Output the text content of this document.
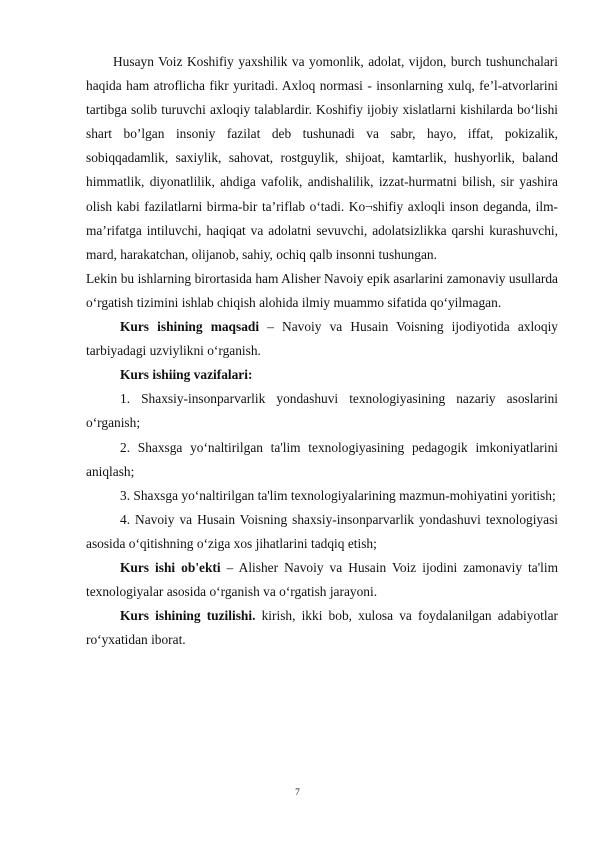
Husayn Voiz Koshifiy yaxshilik va yomonlik, adolat, vijdon, burch tushunchalari haqida ham atroflicha fikr yuritadi. Axloq normasi - insonlarning xulq, fe’l-atvorlarini tartibga solib turuvchi axloqiy talablardir. Koshifiy ijobiy xislatlarni kishilarda bo‘lishi shart bo’lgan insoniy fazilat deb tushunadi va sabr, hayo, iffat, pokizalik, sobiqqadamlik, saxiylik, sahovat, rostguylik, shijoat, kamtarlik, hushyorlik, baland himmatlik, diyonatlilik, ahdiga vafolik, andishalilik, izzat-hurmatni bilish, sir yashira olish kabi fazilatlarni birma-bir ta’riflab o‘tadi. Ko¬shifiy axloqli inson deganda, ilm-ma’rifatga intiluvchi, haqiqat va adolatni sevuvchi, adolatsizlikka qarshi kurashuvchi, mard, harakatchan, olijanob, sahiy, ochiq qalb insonni tushungan.

Lekin bu ishlarning birortasida ham Alisher Navoiy epik asarlarini zamonaviy usullarda o‘rgatish tizimini ishlab chiqish alohida ilmiy muammo sifatida qo‘yilmagan.

Kurs ishining maqsadi – Navoiy va Husain Voisning ijodiyotida axloqiy tarbiyadagi uzviylikni o‘rganish.

Kurs ishiing vazifalari:

1. Shaxsiy-insonparvarlik yondashuvi texnologiyasining nazariy asoslarini o‘rganish;

2. Shaxsga yo‘naltirilgan ta'lim texnologiyasining pedagogik imkoniyatlarini aniqlash;

3. Shaxsga yo‘naltirilgan ta'lim texnologiyalarining mazmun-mohiyatini yoritish;

4. Navoiy va Husain Voisning shaxsiy-insonparvarlik yondashuvi texnologiyasi asosida o‘qitishning o‘ziga xos jihatlarini tadqiq etish;

Kurs ishi ob'ekti – Alisher Navoiy va Husain Voiz ijodini zamonaviy ta'lim texnologiyalar asosida o‘rganish va o‘rgatish jarayoni.

Kurs ishining tuzilishi. kirish, ikki bob, xulosa va foydalanilgan adabiyotlar ro‘yxatidan iborat.

7
